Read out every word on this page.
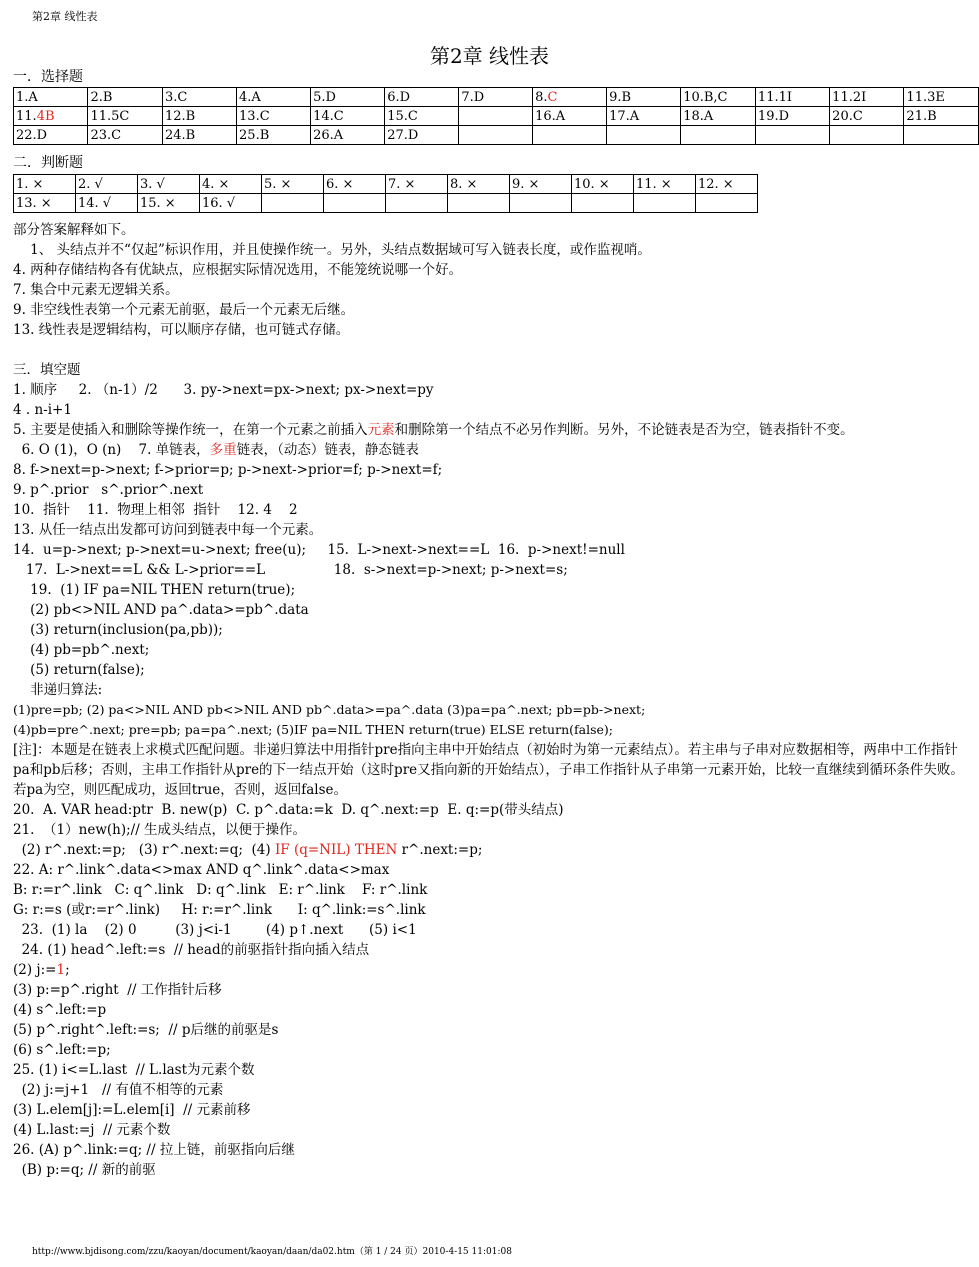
第2章 线性表
第2章 线性表
一．选择题
1.A	2.B	3.C	4.A	5.D	6.D	7.D	8.C	9.B	10.B,C	11.1I	11.2I	11.3E
11.4B	11.5C	12.B	13.C	14.C	15.C		16.A	17.A	18.A	19.D	20.C	21.B
22.D	23.C	24.B	25.B	26.A	27.D							
二．判断题
1. ×	2. √	3. √	4. ×	5. ×	6. ×	7. ×	8. ×	9. ×	10. ×	11. ×	12. ×
13. ×	14. √	15. ×	16. √								
部分答案解释如下。
1、 头结点并不“仅起”标识作用，并且使操作统一。另外，头结点数据域可写入链表长度，或作监视哨。
4. 两种存储结构各有优缺点，应根据实际情况选用，不能笼统说哪一个好。
7. 集合中元素无逻辑关系。
9. 非空线性表第一个元素无前驱，最后一个元素无后继。
13. 线性表是逻辑结构，可以顺序存储，也可链式存储。
三．填空题
1. 顺序     2. （n-1）/2      3. py->next=px->next; px->next=py
4 . n-i+1
5. 主要是使插入和删除等操作统一，在第一个元素之前插入元素和删除第一个结点不必另作判断。另外，不论链表是否为空，链表指针不变。
6. O (1)，O (n)    7. 单链表，多重链表，（动态）链表，静态链表
8. f->next=p->next; f->prior=p; p->next->prior=f; p->next=f;
9. p^.prior   s^.prior^.next
10.  指针    11.  物理上相邻  指针    12. 4    2
13. 从任一结点出发都可访问到链表中每一个元素。
14.  u=p->next; p->next=u->next; free(u);     15.  L->next->next==L  16.  p->next!=null
17.  L->next==L && L->prior==L                18.  s->next=p->next; p->next=s;
19.  (1) IF pa=NIL THEN return(true);
(2) pb<>NIL AND pa^.data>=pb^.data
(3) return(inclusion(pa,pb));
(4) pb=pb^.next;
(5) return(false);
非递归算法:
(1)pre=pb; (2) pa<>NIL AND pb<>NIL AND pb^.data>=pa^.data (3)pa=pa^.next; pb=pb->next;
(4)pb=pre^.next; pre=pb; pa=pa^.next; (5)IF pa=NIL THEN return(true) ELSE return(false);
[注]：本题是在链表上求模式匹配问题。非递归算法中用指针pre指向主串中开始结点（初始时为第一元素结点）。若主串与子串对应数据相等，两串中工作指针pa和pb后移；否则，主串工作指针从pre的下一结点开始（这时pre又指向新的开始结点），子串工作指针从子串第一元素开始，比较一直继续到循环条件失败。若pa为空，则匹配成功，返回true，否则，返回false。
20.  A. VAR head:ptr  B. new(p)  C. p^.data:=k  D. q^.next:=p  E. q:=p(带头结点)
21.  （1）new(h);// 生成头结点，以便于操作。
(2) r^.next:=p;   (3) r^.next:=q;  (4) IF (q=NIL) THEN r^.next:=p;
22. A: r^.link^.data<>max AND q^.link^.data<>max
B: r:=r^.link   C: q^.link   D: q^.link   E: r^.link    F: r^.link
G: r:=s (或r:=r^.link)     H: r:=r^.link      I: q^.link:=s^.link
23.  (1) la    (2) 0         (3) j<i-1        (4) p↑.next      (5) i<1
24. (1) head^.left:=s  // head的前驱指针指向插入结点
(2) j:=1;
(3) p:=p^.right  // 工作指针后移
(4) s^.left:=p
(5) p^.right^.left:=s;  // p后继的前驱是s
(6) s^.left:=p;
25. (1) i<=L.last  // L.last为元素个数
(2) j:=j+1   // 有值不相等的元素
(3) L.elem[j]:=L.elem[i]  // 元素前移
(4) L.last:=j  // 元素个数
26. (A) p^.link:=q; // 拉上链，前驱指向后继
(B) p:=q; // 新的前驱
http://www.bjdisong.com/zzu/kaoyan/document/kaoyan/daan/da02.htm（第 1 / 24 页）2010-4-15 11:01:08
